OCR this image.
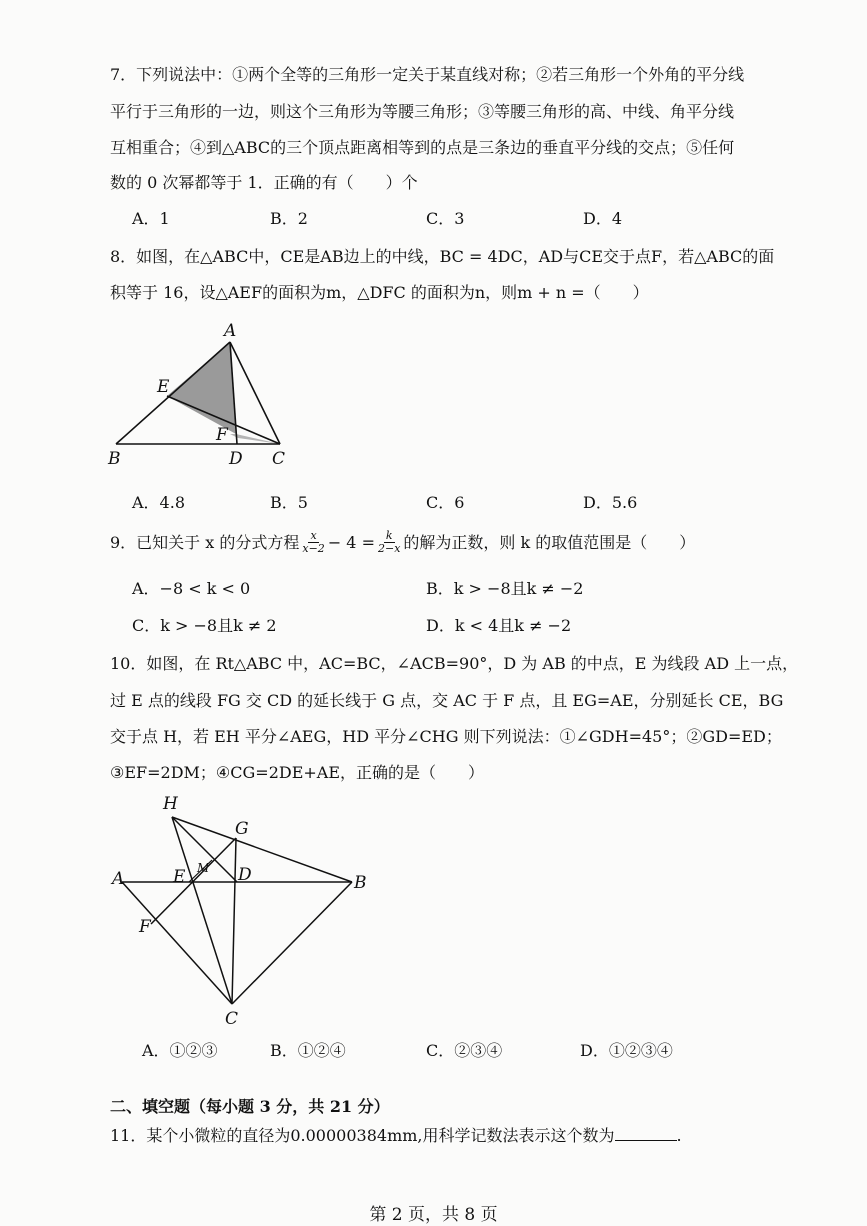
7．下列说法中：①两个全等的三角形一定关于某直线对称；②若三角形一个外角的平分线
平行于三角形的一边，则这个三角形为等腰三角形；③等腰三角形的高、中线、角平分线
互相重合；④到△ABC的三个顶点距离相等到的点是三条边的垂直平分线的交点；⑤任何
数的 0 次幂都等于 1．正确的有（　　）个
A．1	B．2	C．3	D．4
8．如图，在△ABC中，CE是AB边上的中线，BC = 4DC，AD与CE交于点F，若△ABC的面
积等于 16，设△AEF的面积为m，△DFC 的面积为n，则m + n =（　　）
A
E
F
B	D C
A．4.8	B．5	C．6	D．5.6
9．已知关于 x 的分式方程 x
$x-2 - 4 = \frac{k}{2-x}$ 的解为正数，则 k 的取值范围是（　　）
A．−8 < k < 0	B．k > −8且k ≠ −2
C．k > −8且k ≠ 2	D．k < 4且k ≠ −2
10．如图，在 Rt△ABC 中，AC=BC，∠ACB=90°，D 为 AB 的中点，E 为线段 AD 上一点，
过 E 点的线段 FG 交 CD 的延长线于 G 点，交 AC 于 F 点，且 EG=AE，分别延长 CE，BG
交于点 H，若 EH 平分∠AEG，HD 平分∠CHG 则下列说法：①∠GDH=45°；②GD=ED；
③EF=2DM；④CG=2DE+AE，正确的是（　　）
H
G
A	E M D	B
F
C
A．①②③	B．①②④	C．②③④	D．①②③④
二、填空题（每小题 3 分，共 21 分）
11．某个小微粒的直径为0.00000384mm,用科学记数法表示这个数为	.
第 2 页，共 8 页
